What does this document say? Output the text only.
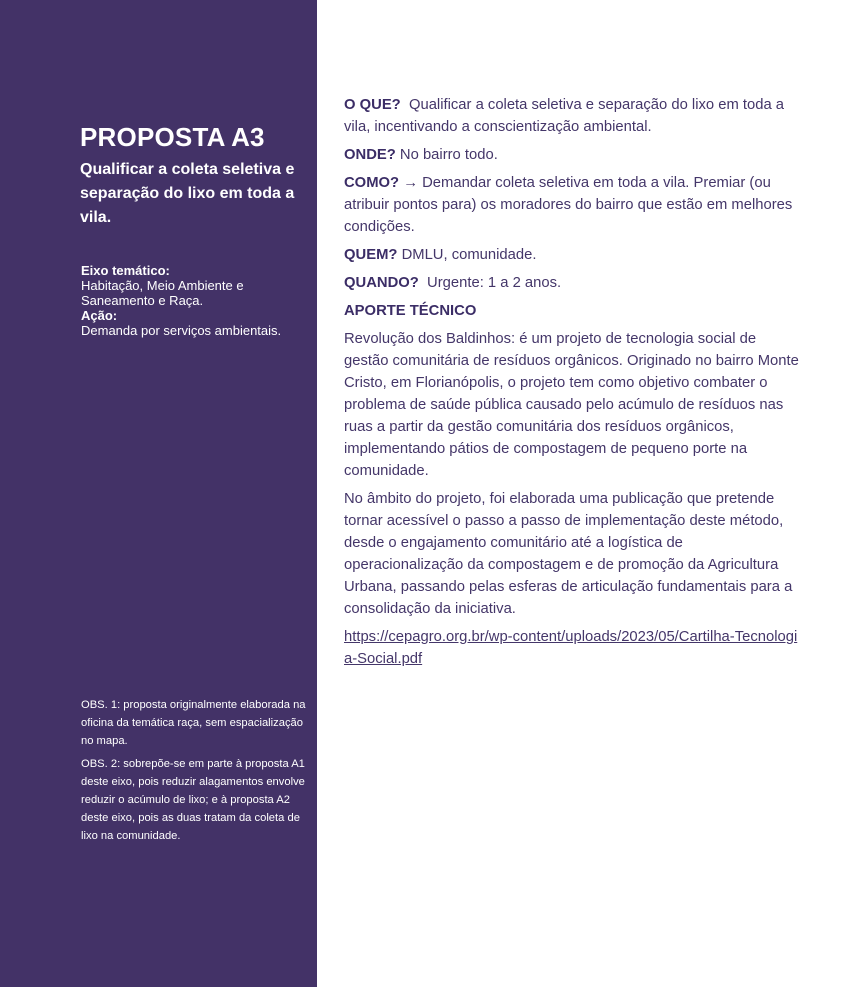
PROPOSTA A3
Qualificar a coleta seletiva e separação do lixo em toda a vila.
Eixo temático:
Habitação, Meio Ambiente e Saneamento e Raça.
Ação:
Demanda por serviços ambientais.

OBS. 1: proposta originalmente elaborada na oficina da temática raça, sem espacialização no mapa.

OBS. 2: sobrepõe-se em parte à proposta A1 deste eixo, pois reduzir alagamentos envolve reduzir o acúmulo de lixo; e à proposta A2 deste eixo, pois as duas tratam da coleta de lixo na comunidade.

O QUE? Qualificar a coleta seletiva e separação do lixo em toda a vila, incentivando a conscientização ambiental.

ONDE? No bairro todo.

COMO? → Demandar coleta seletiva em toda a vila. Premiar (ou atribuir pontos para) os moradores do bairro que estão em melhores condições.

QUEM? DMLU, comunidade.

QUANDO? Urgente: 1 a 2 anos.

APORTE TÉCNICO

Revolução dos Baldinhos: é um projeto de tecnologia social de gestão comunitária de resíduos orgânicos. Originado no bairro Monte Cristo, em Florianópolis, o projeto tem como objetivo combater o problema de saúde pública causado pelo acúmulo de resíduos nas ruas a partir da gestão comunitária dos resíduos orgânicos, implementando pátios de compostagem de pequeno porte na comunidade.

No âmbito do projeto, foi elaborada uma publicação que pretende tornar acessível o passo a passo de implementação deste método, desde o engajamento comunitário até a logística de operacionalização da compostagem e de promoção da Agricultura Urbana, passando pelas esferas de articulação fundamentais para a consolidação da iniciativa.

https://cepagro.org.br/wp-content/uploads/2023/05/Cartilha-Tecnologia-Social.pdf
